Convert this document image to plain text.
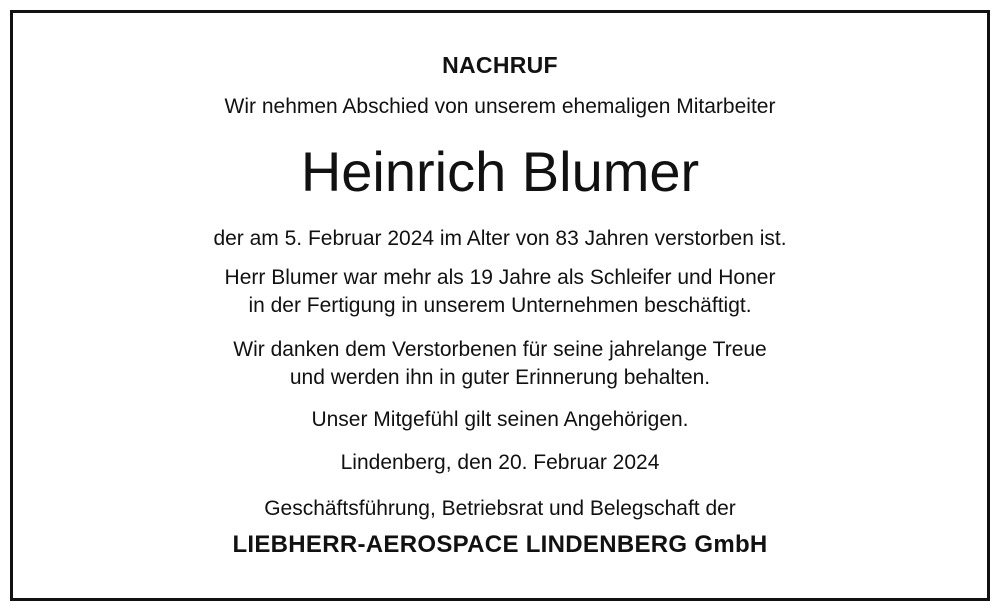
NACHRUF

Wir nehmen Abschied von unserem ehemaligen Mitarbeiter

Heinrich Blumer

der am 5. Februar 2024 im Alter von 83 Jahren verstorben ist.

Herr Blumer war mehr als 19 Jahre als Schleifer und Honer

in der Fertigung in unserem Unternehmen beschäftigt.

Wir danken dem Verstorbenen für seine jahrelange Treue

und werden ihn in guter Erinnerung behalten.

Unser Mitgefühl gilt seinen Angehörigen.

Lindenberg, den 20. Februar 2024

Geschäftsführung, Betriebsrat und Belegschaft der

LIEBHERR-AEROSPACE LINDENBERG GmbH
